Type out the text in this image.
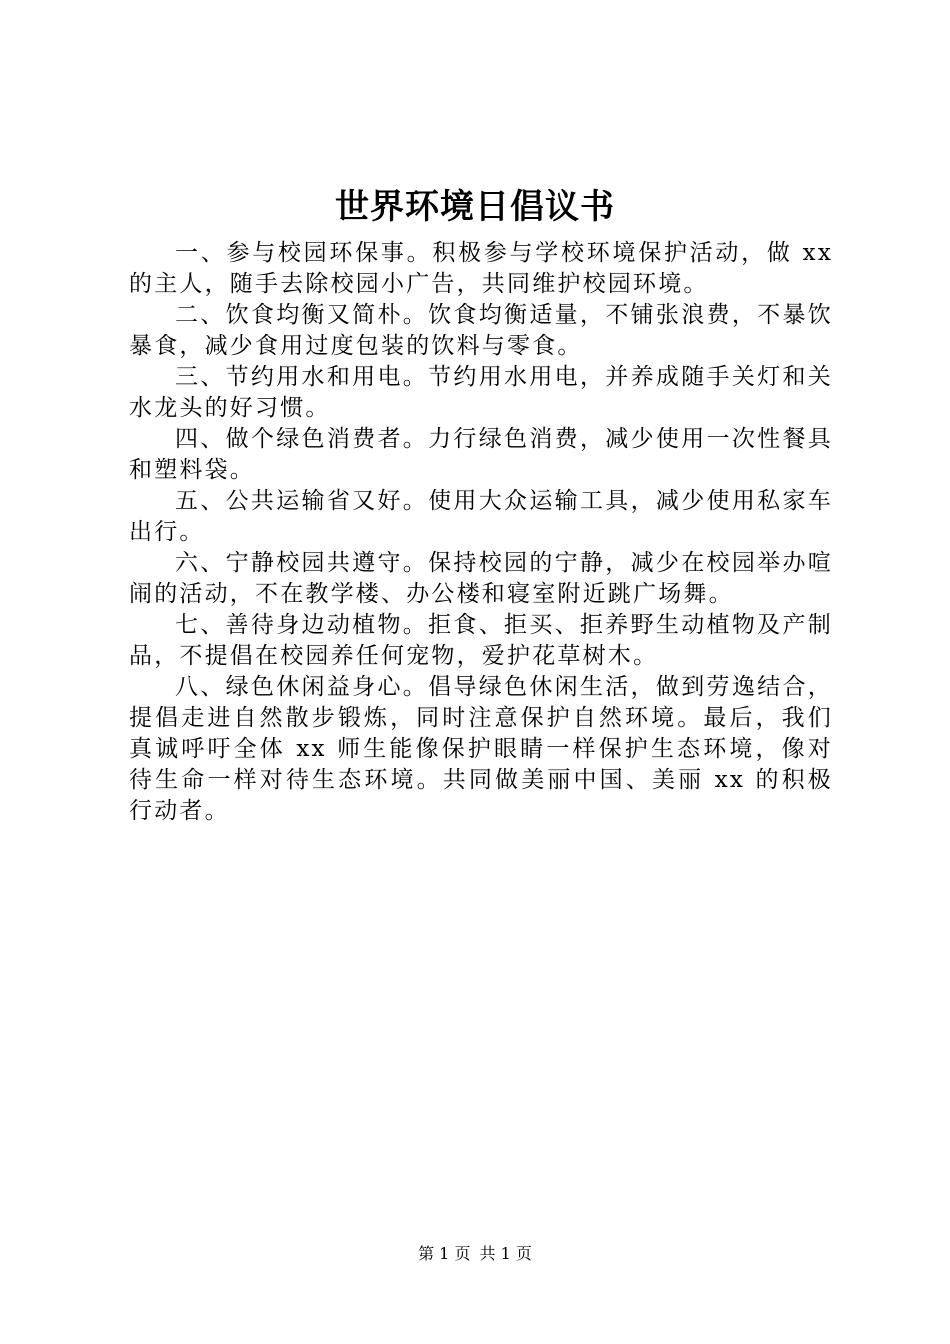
世界环境日倡议书

一、参与校园环保事。积极参与学校环境保护活动，做 xx 的主人，随手去除校园小广告，共同维护校园环境。

二、饮食均衡又简朴。饮食均衡适量，不铺张浪费，不暴饮暴食，减少食用过度包装的饮料与零食。

三、节约用水和用电。节约用水用电，并养成随手关灯和关水龙头的好习惯。

四、做个绿色消费者。力行绿色消费，减少使用一次性餐具和塑料袋。

五、公共运输省又好。使用大众运输工具，减少使用私家车出行。

六、宁静校园共遵守。保持校园的宁静，减少在校园举办喧闹的活动，不在教学楼、办公楼和寝室附近跳广场舞。

七、善待身边动植物。拒食、拒买、拒养野生动植物及产制品，不提倡在校园养任何宠物，爱护花草树木。

八、绿色休闲益身心。倡导绿色休闲生活，做到劳逸结合，提倡走进自然散步锻炼，同时注意保护自然环境。最后，我们真诚呼吁全体 xx 师生能像保护眼睛一样保护生态环境，像对待生命一样对待生态环境。共同做美丽中国、美丽 xx 的积极行动者。

第 1 页 共 1 页
